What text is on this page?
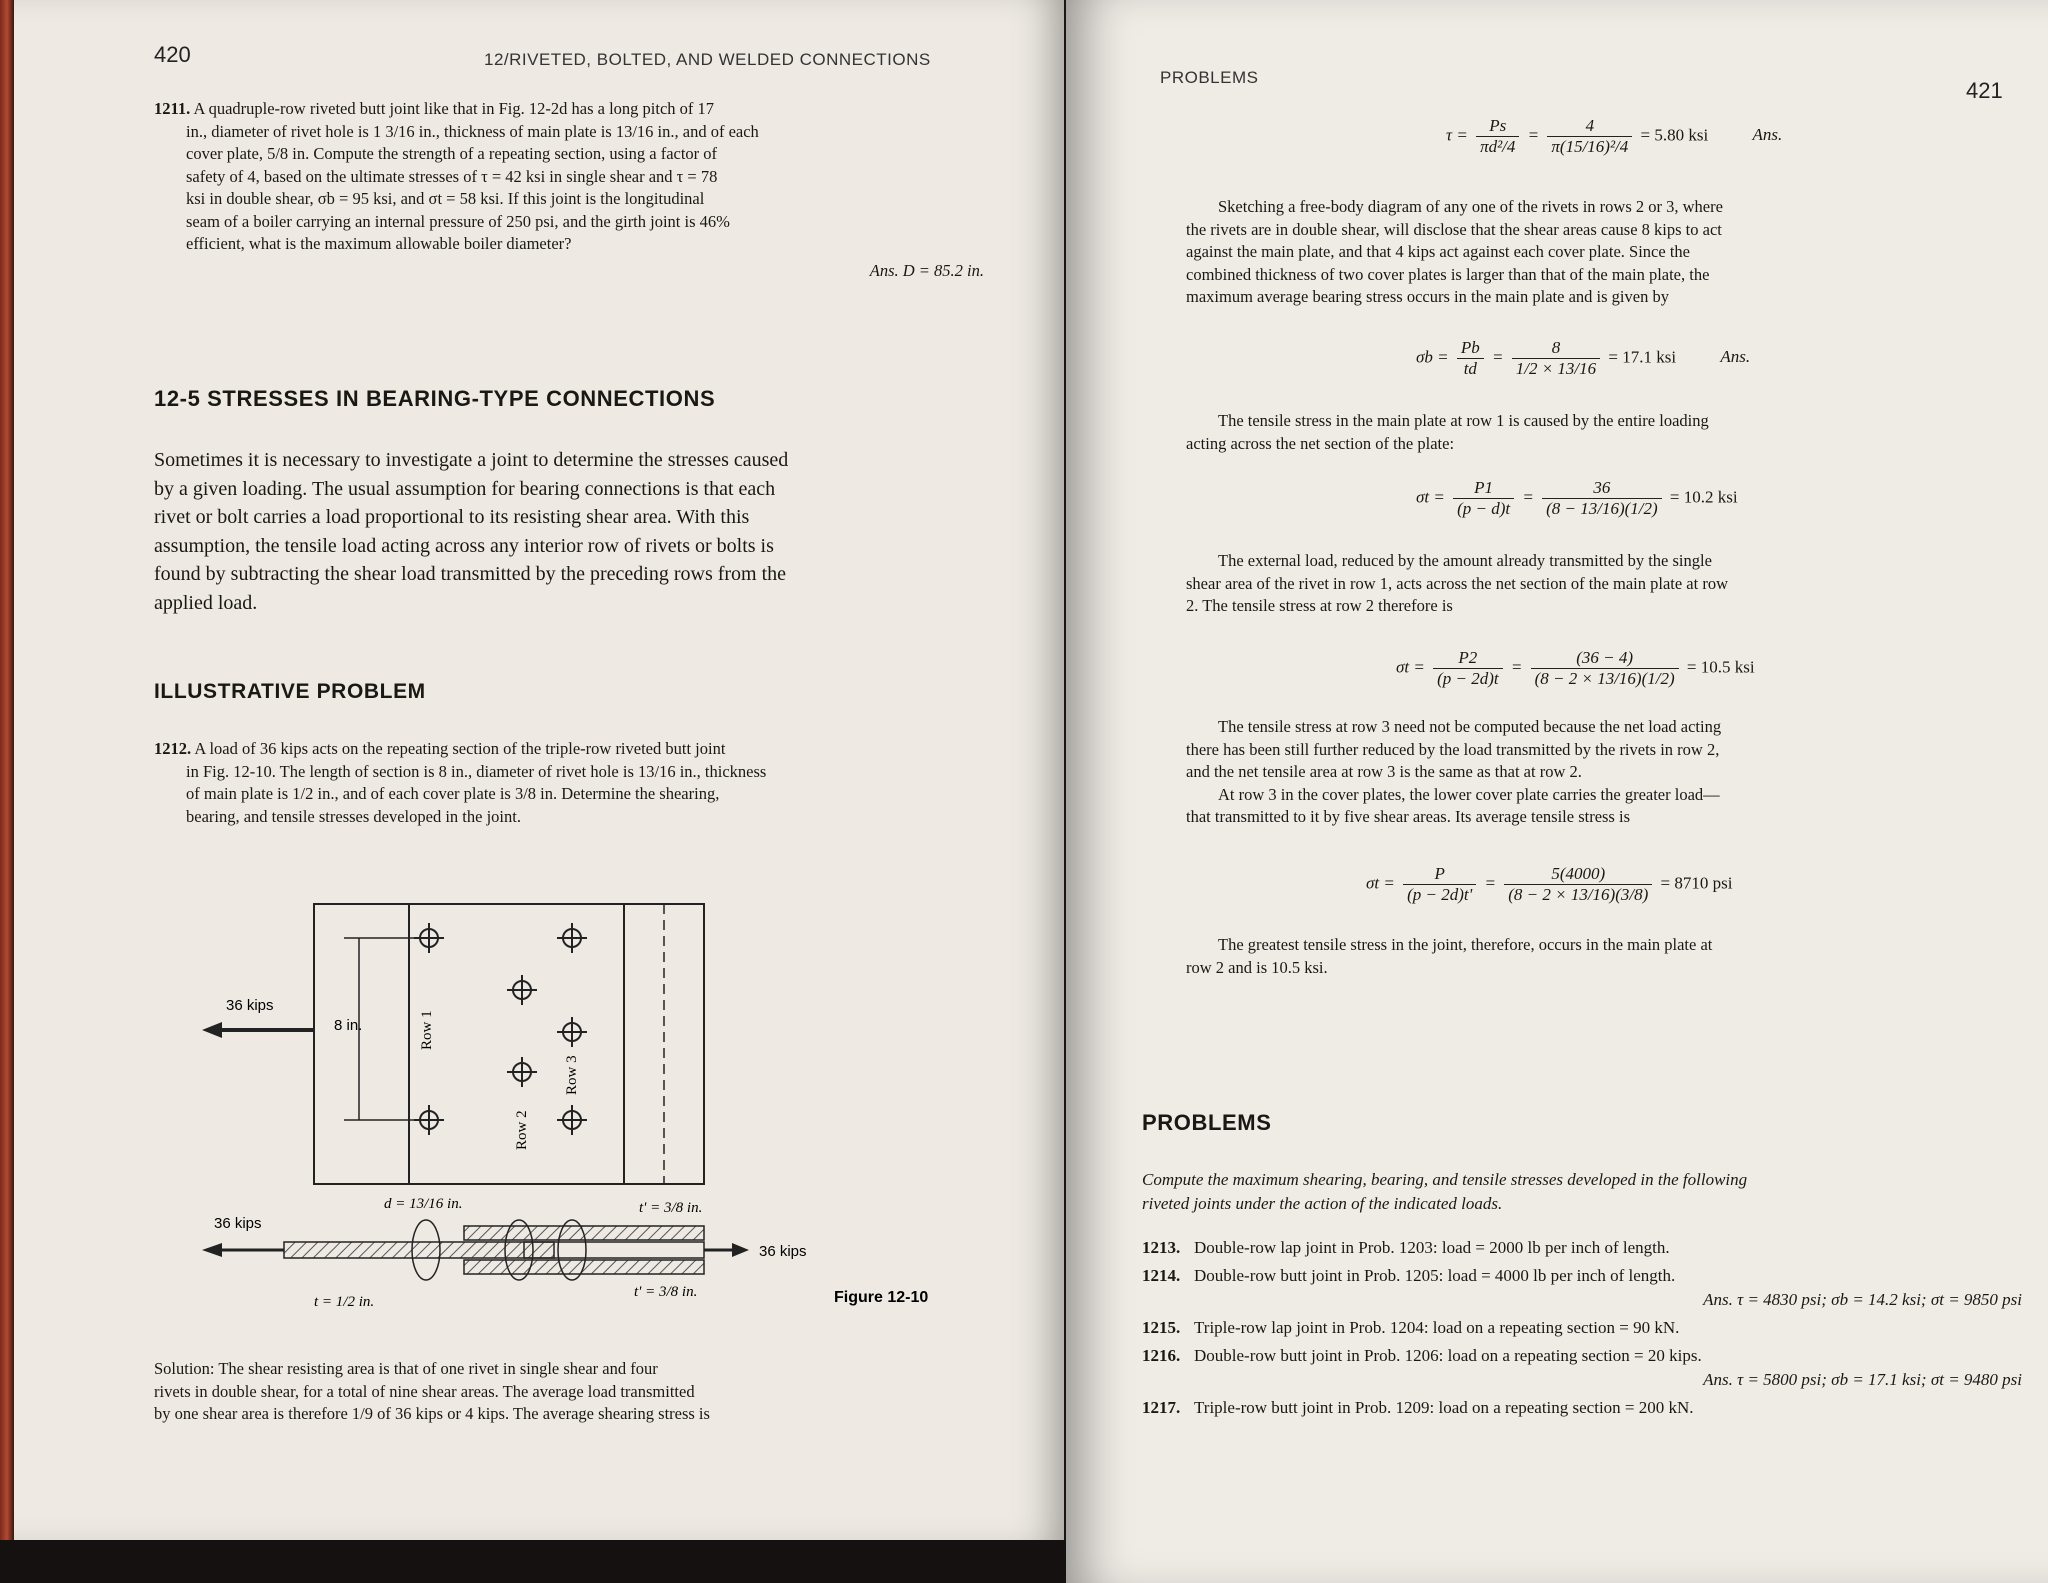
420	12/RIVETED, BOLTED, AND WELDED CONNECTIONS
1211. A quadruple-row riveted butt joint like that in Fig. 12-2d has a long pitch of 17
in., diameter of rivet hole is 1 3/16 in., thickness of main plate is 13/16 in., and of each
cover plate, 5/8 in. Compute the strength of a repeating section, using a factor of
safety of 4, based on the ultimate stresses of τ = 42 ksi in single shear and τ = 78
ksi in double shear, σb = 95 ksi, and σt = 58 ksi. If this joint is the longitudinal
seam of a boiler carrying an internal pressure of 250 psi, and the girth joint is 46%
efficient, what is the maximum allowable boiler diameter?
Ans. D = 85.2 in.
12-5 STRESSES IN BEARING-TYPE CONNECTIONS
Sometimes it is necessary to investigate a joint to determine the stresses caused
by a given loading. The usual assumption for bearing connections is that each
rivet or bolt carries a load proportional to its resisting shear area. With this
assumption, the tensile load acting across any interior row of rivets or bolts is
found by subtracting the shear load transmitted by the preceding rows from the
applied load.
ILLUSTRATIVE PROBLEM
1212. A load of 36 kips acts on the repeating section of the triple-row riveted butt joint
in Fig. 12-10. The length of section is 8 in., diameter of rivet hole is 13/16 in., thickness
of main plate is 1/2 in., and of each cover plate is 3/8 in. Determine the shearing,
bearing, and tensile stresses developed in the joint.
8 in.	Row 1
Row 2
Row 3
36 kips
d = 13/16 in.
36 kips
36 kips
t' = 3/8 in.
t = 1/2 in.
t' = 3/8 in.	Figure 12-10
Solution: The shear resisting area is that of one rivet in single shear and four
rivets in double shear, for a total of nine shear areas. The average load transmitted
by one shear area is therefore 1/9 of 36 kips or 4 kips. The average shearing stress is
PROBLEMS
421
$\tau = \frac{Ps}{\text{πd²/4}} = \frac{4}{\text{π(15/16)²/4}} = 5.80$ ksi	Ans.
Sketching a free-body diagram of any one of the rivets in rows 2 or 3, where
the rivets are in double shear, will disclose that the shear areas cause 8 kips to act
against the main plate, and that 4 kips act against each cover plate. Since the
combined thickness of two cover plates is larger than that of the main plate, the
maximum average bearing stress occurs in the main plate and is given by
$\sigma b = \frac{Pb}{td} = \frac{8}{1/2 \times 13/16} = 17.1$ ksi	Ans.
The tensile stress in the main plate at row 1 is caused by the entire loading
acting across the net section of the plate:
$\sigma t = \frac{P1}{(p - d)t} = \frac{36}{(8 - 13/16)(1/2)} = 10.2$ ksi
The external load, reduced by the amount already transmitted by the single
shear area of the rivet in row 1, acts across the net section of the main plate at row
2. The tensile stress at row 2 therefore is
$\sigma t = \frac{P2}{(p - 2d)t} = \frac{(36 - 4)}{(8 - 2 \times 13/16)(1/2)} = 10.5$ ksi
The tensile stress at row 3 need not be computed because the net load acting
there has been still further reduced by the load transmitted by the rivets in row 2,
and the net tensile area at row 3 is the same as that at row 2.
At row 3 in the cover plates, the lower cover plate carries the greater load—
that transmitted to it by five shear areas. Its average tensile stress is
$\sigma t = \frac{P}{(p - 2d)t'} = \frac{5(4000)}{(8 - 2 \times 13/16)(3/8)} = 8710$ psi
The greatest tensile stress in the joint, therefore, occurs in the main plate at
row 2 and is 10.5 ksi.
PROBLEMS
Compute the maximum shearing, bearing, and tensile stresses developed in the following
riveted joints under the action of the indicated loads.
1213. Double-row lap joint in Prob. 1203: load = 2000 lb per inch of length.
1214. Double-row butt joint in Prob. 1205: load = 4000 lb per inch of length.
Ans. τ = 4830 psi; σb = 14.2 ksi; σt = 9850 psi
1215. Triple-row lap joint in Prob. 1204: load on a repeating section = 90 kN.
1216. Double-row butt joint in Prob. 1206: load on a repeating section = 20 kips.
Ans. τ = 5800 psi; σb = 17.1 ksi; σt = 9480 psi
1217. Triple-row butt joint in Prob. 1209: load on a repeating section = 200 kN.
